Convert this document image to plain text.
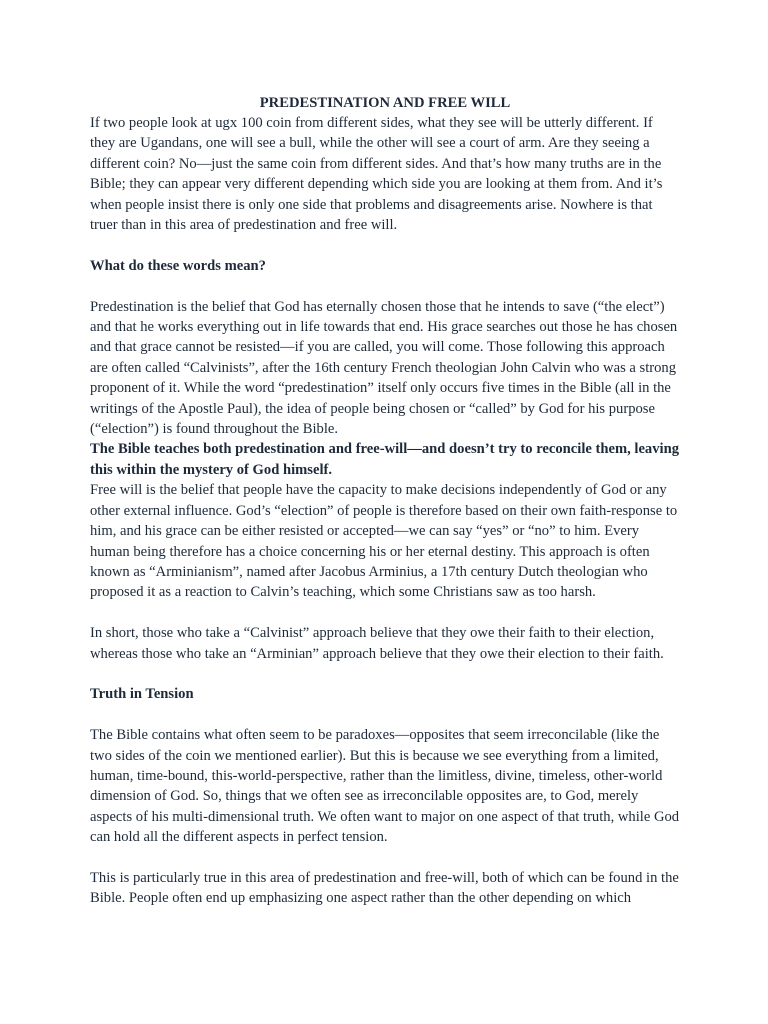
PREDESTINATION AND FREE WILL

If two people look at ugx 100 coin from different sides, what they see will be utterly different. If they are Ugandans, one will see a bull, while the other will see a court of arm. Are they seeing a different coin? No—just the same coin from different sides. And that’s how many truths are in the Bible; they can appear very different depending which side you are looking at them from. And it’s when people insist there is only one side that problems and disagreements arise. Nowhere is that truer than in this area of predestination and free will.

What do these words mean?

Predestination is the belief that God has eternally chosen those that he intends to save (“the elect”) and that he works everything out in life towards that end. His grace searches out those he has chosen and that grace cannot be resisted—if you are called, you will come. Those following this approach are often called “Calvinists”, after the 16th century French theologian John Calvin who was a strong proponent of it. While the word “predestination” itself only occurs five times in the Bible (all in the writings of the Apostle Paul), the idea of people being chosen or “called” by God for his purpose (“election”) is found throughout the Bible.

The Bible teaches both predestination and free-will—and doesn’t try to reconcile them, leaving this within the mystery of God himself.

Free will is the belief that people have the capacity to make decisions independently of God or any other external influence. God’s “election” of people is therefore based on their own faith-response to him, and his grace can be either resisted or accepted—we can say “yes” or “no” to him. Every human being therefore has a choice concerning his or her eternal destiny. This approach is often known as “Arminianism”, named after Jacobus Arminius, a 17th century Dutch theologian who proposed it as a reaction to Calvin’s teaching, which some Christians saw as too harsh.

In short, those who take a “Calvinist” approach believe that they owe their faith to their election, whereas those who take an “Arminian” approach believe that they owe their election to their faith.

Truth in Tension

The Bible contains what often seem to be paradoxes—opposites that seem irreconcilable (like the two sides of the coin we mentioned earlier). But this is because we see everything from a limited, human, time-bound, this-world-perspective, rather than the limitless, divine, timeless, other-world dimension of God. So, things that we often see as irreconcilable opposites are, to God, merely aspects of his multi-dimensional truth. We often want to major on one aspect of that truth, while God can hold all the different aspects in perfect tension.

This is particularly true in this area of predestination and free-will, both of which can be found in the Bible. People often end up emphasizing one aspect rather than the other depending on which
